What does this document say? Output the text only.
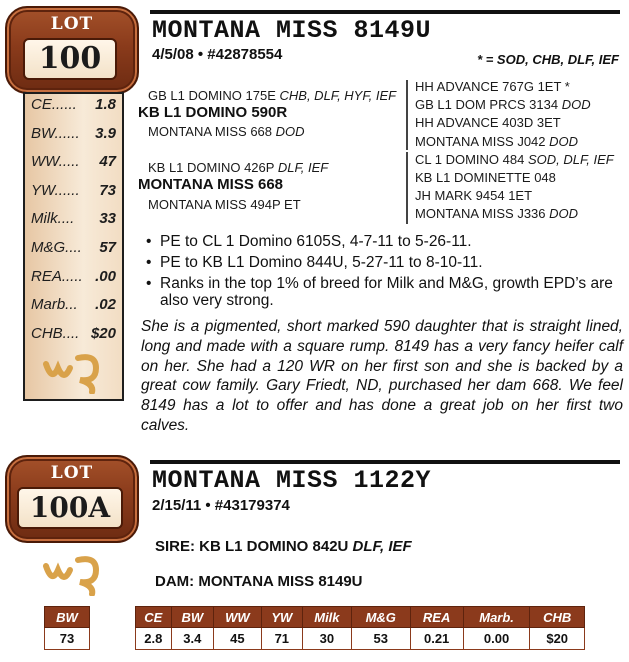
LOT
100
CE...... 1.8
BW...... 3.9
WW..... 47
YW...... 73
Milk.... 33
M&G.... 57
REA..... .00
Marb... .02
CHB.... $20
MONTANA MISS 8149U
4/5/08 • #42878554	* = SOD, CHB, DLF, IEF
GB L1 DOMINO 175E CHB, DLF, HYF, IEF
KB L1 DOMINO 590R
MONTANA MISS 668 DOD
KB L1 DOMINO 426P DLF, IEF
MONTANA MISS 668
MONTANA MISS 494P ET
HH ADVANCE 767G 1ET *
GB L1 DOM PRCS 3134 DOD
HH ADVANCE 403D 3ET
MONTANA MISS J042 DOD
CL 1 DOMINO 484 SOD, DLF, IEF
KB L1 DOMINETTE 048
JH MARK 9454 1ET
MONTANA MISS J336 DOD
• PE to CL 1 Domino 6105S, 4-7-11 to 5-26-11.
• PE to KB L1 Domino 844U, 5-27-11 to 8-10-11.
• Ranks in the top 1% of breed for Milk and M&G, growth EPD’s are also very strong.
She is a pigmented, short marked 590 daughter that is straight lined, long and made with a square rump. 8149 has a very fancy heifer calf on her. She had a 120 WR on her first son and she is backed by a great cow family. Gary Friedt, ND, purchased her dam 668. We feel 8149 has a lot to offer and has done a great job on her first two calves.
LOT
100A
MONTANA MISS 1122Y
2/15/11 • #43179374
SIRE: KB L1 DOMINO 842U DLF, IEF
DAM: MONTANA MISS 8149U
BW
73
CE	BW	WW	YW	Milk	M&G	REA	Marb.	CHB
2.8	3.4	45	71	30	53	0.21	0.00	$20
